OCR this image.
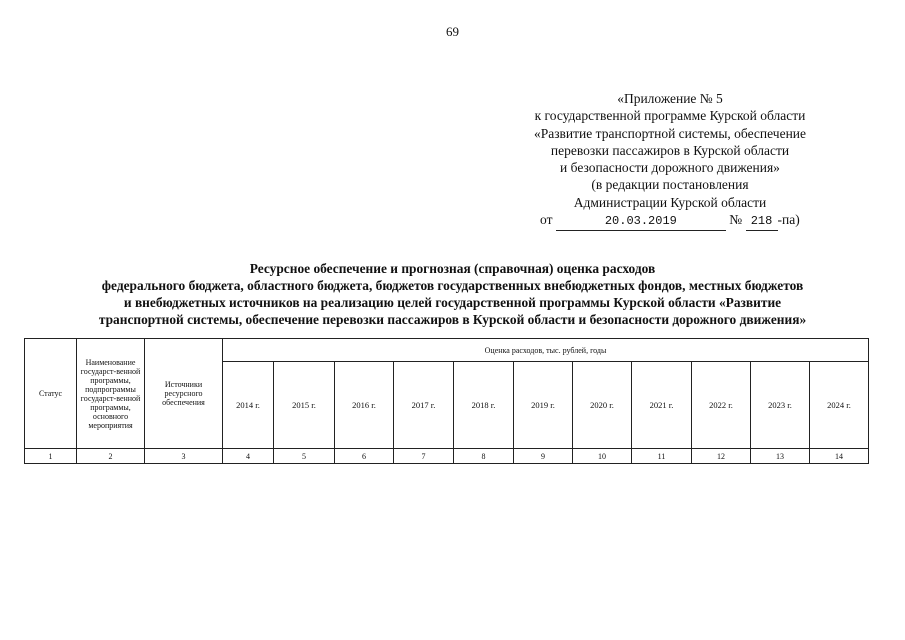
69
«Приложение № 5
к государственной программе Курской области
«Развитие транспортной системы, обеспечение
перевозки пассажиров в Курской области
и безопасности дорожного движения»
(в редакции постановления
Администрации Курской области
от	20.03.2019	№ 218 -па)
Ресурсное обеспечение и прогнозная (справочная) оценка расходов
федерального бюджета, областного бюджета, бюджетов государственных внебюджетных фондов, местных бюджетов
и внебюджетных источников на реализацию целей государственной программы Курской области «Развитие
транспортной системы, обеспечение перевозки пассажиров в Курской области и безопасности дорожного движения»
Статус	Наименование государст-венной программы, подпрограммы государст-венной программы, основного мероприятия	Источники ресурсного обеспечения	Оценка расходов, тыс. рублей, годы										
			2014 г.	2015 г.	2016 г.	2017 г.	2018 г.	2019 г.	2020 г.	2021 г.	2022 г.	2023 г.	2024 г.
1	2	3	4	5	6	7	8	9	10	11	12	13	14
